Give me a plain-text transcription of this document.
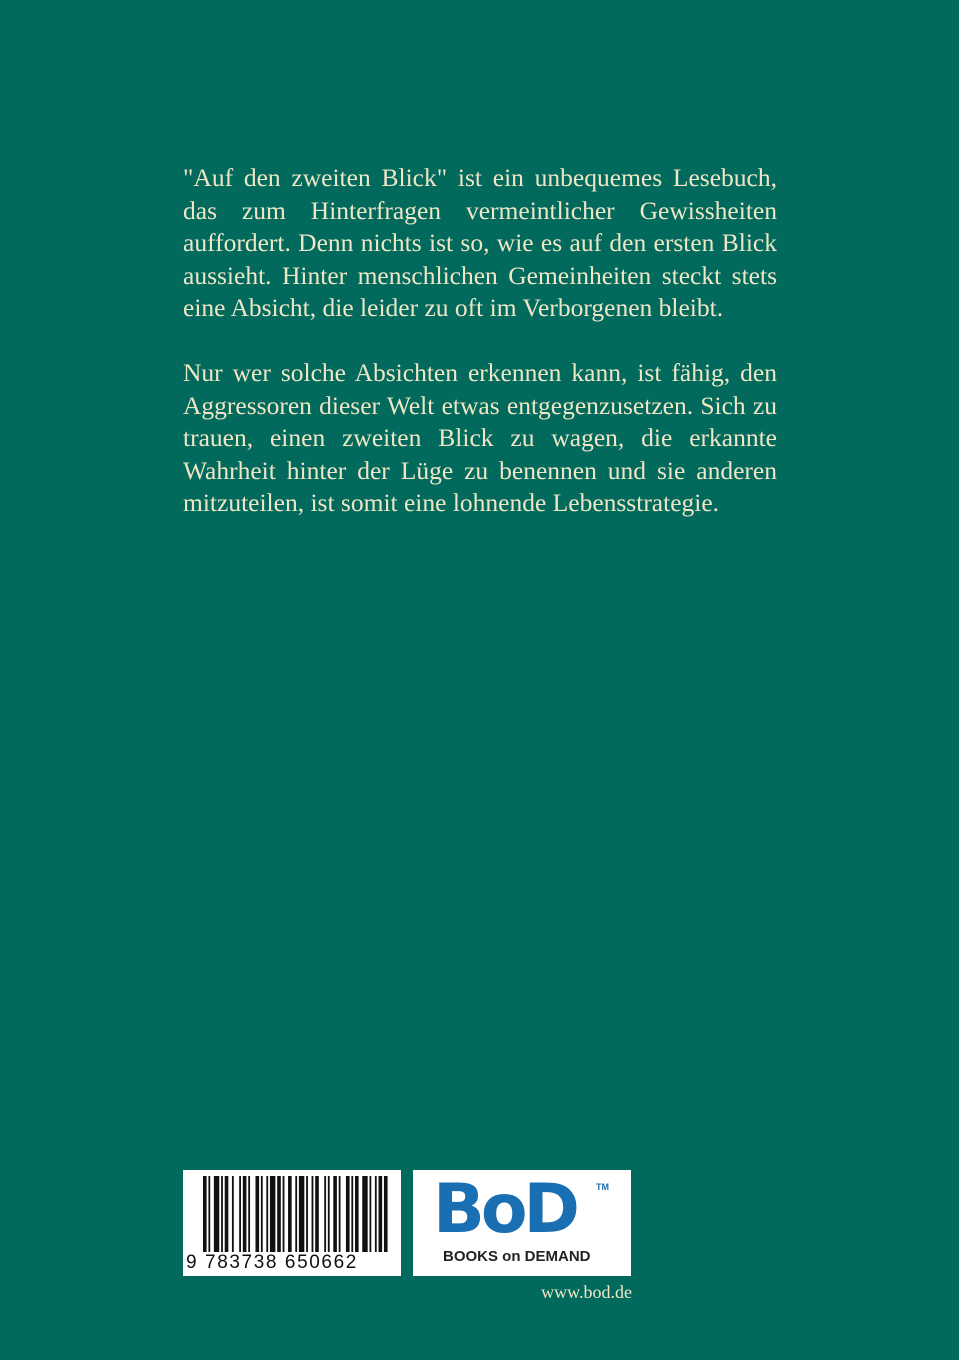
"Auf den zweiten Blick" ist ein unbequemes Lesebuch, das zum Hinterfragen vermeintlicher Gewissheiten auffordert. Denn nichts ist so, wie es auf den ersten Blick aussieht. Hinter menschlichen Gemeinheiten steckt stets eine Absicht, die leider zu oft im Verborgenen bleibt.

Nur wer solche Absichten erkennen kann, ist fähig, den Aggressoren dieser Welt etwas entgegenzusetzen. Sich zu trauen, einen zweiten Blick zu wagen, die erkannte Wahrheit hinter der Lüge zu benennen und sie anderen mitzuteilen, ist somit eine lohnende Lebensstrategie.

9 783738 650662
BoD TM
BOOKS on DEMAND
www.bod.de
